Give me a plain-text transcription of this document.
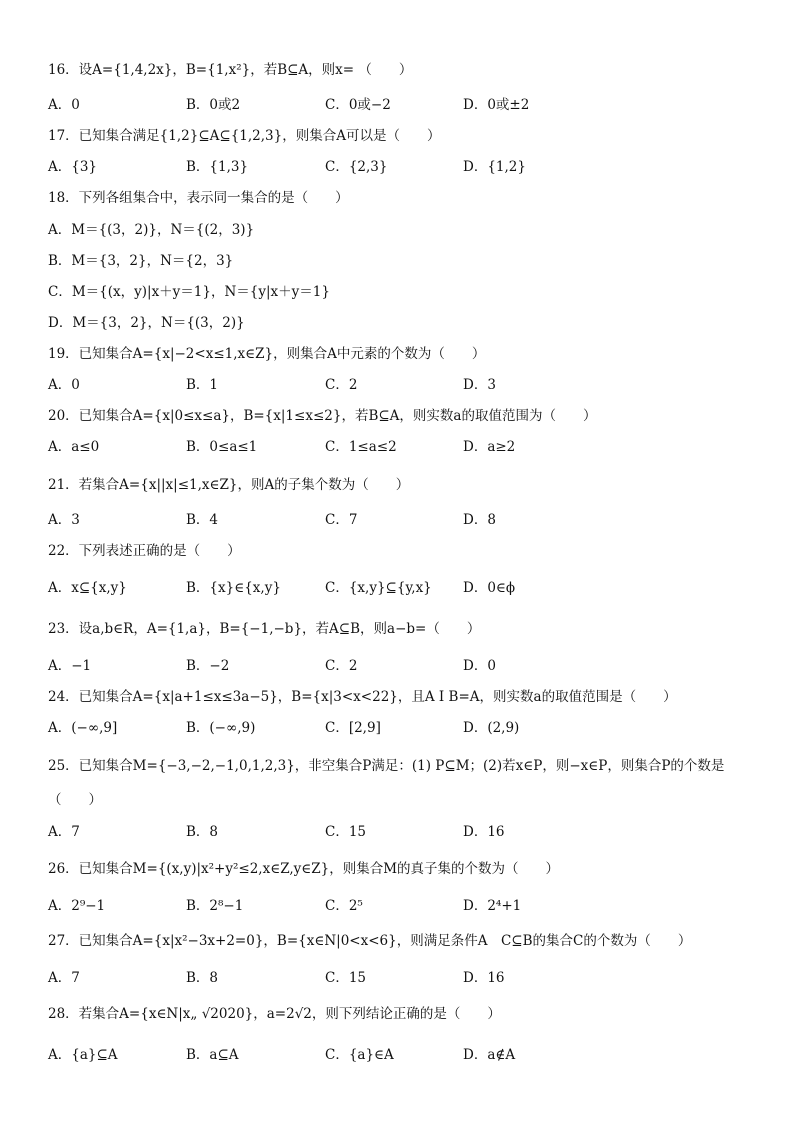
16．设A={1,4,2x}，B={1,x²}，若B⊆A，则x= （　　）
A．0	B．0或2	C．0或−2	D．0或±2
17．已知集合满足{1,2}⊆A⊆{1,2,3}，则集合A可以是（　　）
A．{3}	B．{1,3}	C．{2,3}	D．{1,2}
18．下列各组集合中，表示同一集合的是（　　）
A．M＝{(3，2)}，N＝{(2，3)}
B．M＝{3，2}，N＝{2，3}
C．M＝{(x，y)|x＋y＝1}，N＝{y|x＋y＝1}
D．M＝{3，2}，N＝{(3，2)}
19．已知集合A={x|−2<x≤1,x∈Z}，则集合A中元素的个数为（　　）
A．0	B．1	C．2	D．3
20．已知集合A={x|0≤x≤a}，B={x|1≤x≤2}，若B⊆A，则实数a的取值范围为（　　）
A．a≤0	B．0≤a≤1	C．1≤a≤2	D．a≥2
21．若集合A={x||x|≤1,x∈Z}，则A的子集个数为（　　）
A．3	B．4	C．7	D．8
22．下列表述正确的是（　　）
A．x⊆{x,y}	B．{x}∈{x,y}	C．{x,y}⊆{y,x} D．0∈ϕ
23．设a,b∈R，A={1,a}，B={−1,−b}，若A⊆B，则a−b=（　　）
A．−1	B．−2	C．2	D．0
24．已知集合A={x|a+1≤x≤3a−5}，B={x|3<x<22}，且A I B=A，则实数a的取值范围是（　　）
A．(−∞,9]	B．(−∞,9)	C．[2,9]	D．(2,9)
25．已知集合M={−3,−2,−1,0,1,2,3}，非空集合P满足：(1) P⊆M；(2)若x∈P，则−x∈P，则集合P的个数是（　　）
A．7	B．8	C．15	D．16
26．已知集合M={(x,y)|x²+y²≤2,x∈Z,y∈Z}，则集合M的真子集的个数为（　　）
A．2⁹−1	B．2⁸−1	C．2⁵	D．2⁴+1
27．已知集合A={x|x²−3x+2=0}，B={x∈N|0<x<6}，则满足条件A　C⊆B的集合C的个数为（　　）
A．7	B．8	C．15	D．16
28．若集合A={x∈N|x„ √2020}，a=2√2，则下列结论正确的是（　　）
A．{a}⊆A	B．a⊆A	C．{a}∈A	D．a∉A
